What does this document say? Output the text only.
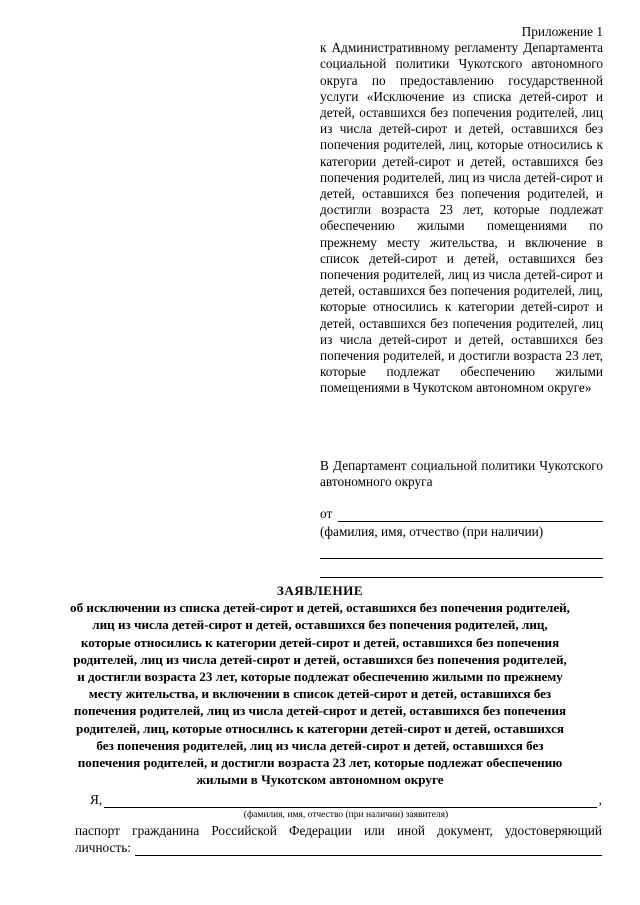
Приложение 1
к Административному регламенту Департамента социальной политики Чукотского автономного округа по предоставлению государственной услуги «Исключение из списка детей-сирот и детей, оставшихся без попечения родителей, лиц из числа детей-сирот и детей, оставшихся без попечения родителей, лиц, которые относились к категории детей-сирот и детей, оставшихся без попечения родителей, лиц из числа детей-сирот и детей, оставшихся без попечения родителей, и достигли возраста 23 лет, которые подлежат обеспечению жилыми помещениями по прежнему месту жительства, и включение в список детей-сирот и детей, оставшихся без попечения родителей, лиц из числа детей-сирот и детей, оставшихся без попечения родителей, лиц, которые относились к категории детей-сирот и детей, оставшихся без попечения родителей, лиц из числа детей-сирот и детей, оставшихся без попечения родителей, и достигли возраста 23 лет, которые подлежат обеспечению жилыми помещениями в Чукотском автономном округе»
В Департамент социальной политики Чукотского автономного округа
от
(фамилия, имя, отчество (при наличии)
ЗАЯВЛЕНИЕ
об исключении из списка детей-сирот и детей, оставшихся без попечения родителей, лиц из числа детей-сирот и детей, оставшихся без попечения родителей, лиц, которые относились к категории детей-сирот и детей, оставшихся без попечения родителей, лиц из числа детей-сирот и детей, оставшихся без попечения родителей, и достигли возраста 23 лет, которые подлежат обеспечению жилыми по прежнему месту жительства, и включении в список детей-сирот и детей, оставшихся без попечения родителей, лиц из числа детей-сирот и детей, оставшихся без попечения родителей, лиц, которые относились к категории детей-сирот и детей, оставшихся без попечения родителей, лиц из числа детей-сирот и детей, оставшихся без попечения родителей, и достигли возраста 23 лет, которые подлежат обеспечению жилыми в Чукотском автономном округе
Я,	,
(фамилия, имя, отчество (при наличии) заявителя)
паспорт гражданина Российской Федерации или иной документ, удостоверяющий
личность:
